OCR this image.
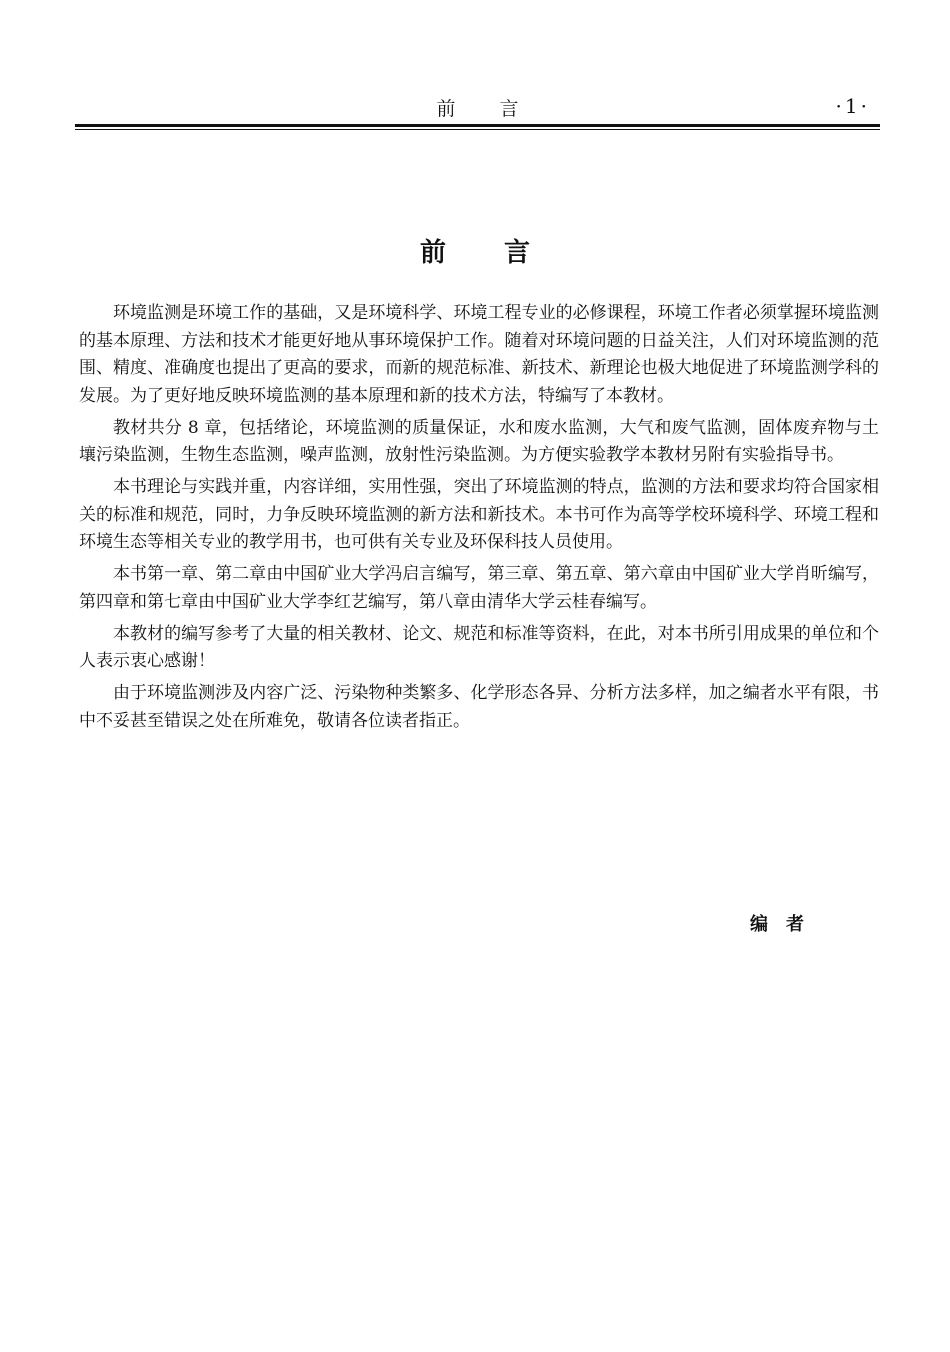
前言	·1·
前言

环境监测是环境工作的基础，又是环境科学、环境工程专业的必修课程，环境工作者必须掌握环境监测的基本原理、方法和技术才能更好地从事环境保护工作。随着对环境问题的日益关注，人们对环境监测的范围、精度、准确度也提出了更高的要求，而新的规范标准、新技术、新理论也极大地促进了环境监测学科的发展。为了更好地反映环境监测的基本原理和新的技术方法，特编写了本教材。

教材共分 8 章，包括绪论，环境监测的质量保证，水和废水监测，大气和废气监测，固体废弃物与土壤污染监测，生物生态监测，噪声监测，放射性污染监测。为方便实验教学本教材另附有实验指导书。

本书理论与实践并重，内容详细，实用性强，突出了环境监测的特点，监测的方法和要求均符合国家相关的标准和规范，同时，力争反映环境监测的新方法和新技术。本书可作为高等学校环境科学、环境工程和环境生态等相关专业的教学用书，也可供有关专业及环保科技人员使用。

本书第一章、第二章由中国矿业大学冯启言编写，第三章、第五章、第六章由中国矿业大学肖昕编写，第四章和第七章由中国矿业大学李红艺编写，第八章由清华大学云桂春编写。

本教材的编写参考了大量的相关教材、论文、规范和标准等资料，在此，对本书所引用成果的单位和个人表示衷心感谢！

由于环境监测涉及内容广泛、污染物种类繁多、化学形态各异、分析方法多样，加之编者水平有限，书中不妥甚至错误之处在所难免，敬请各位读者指正。

编者
